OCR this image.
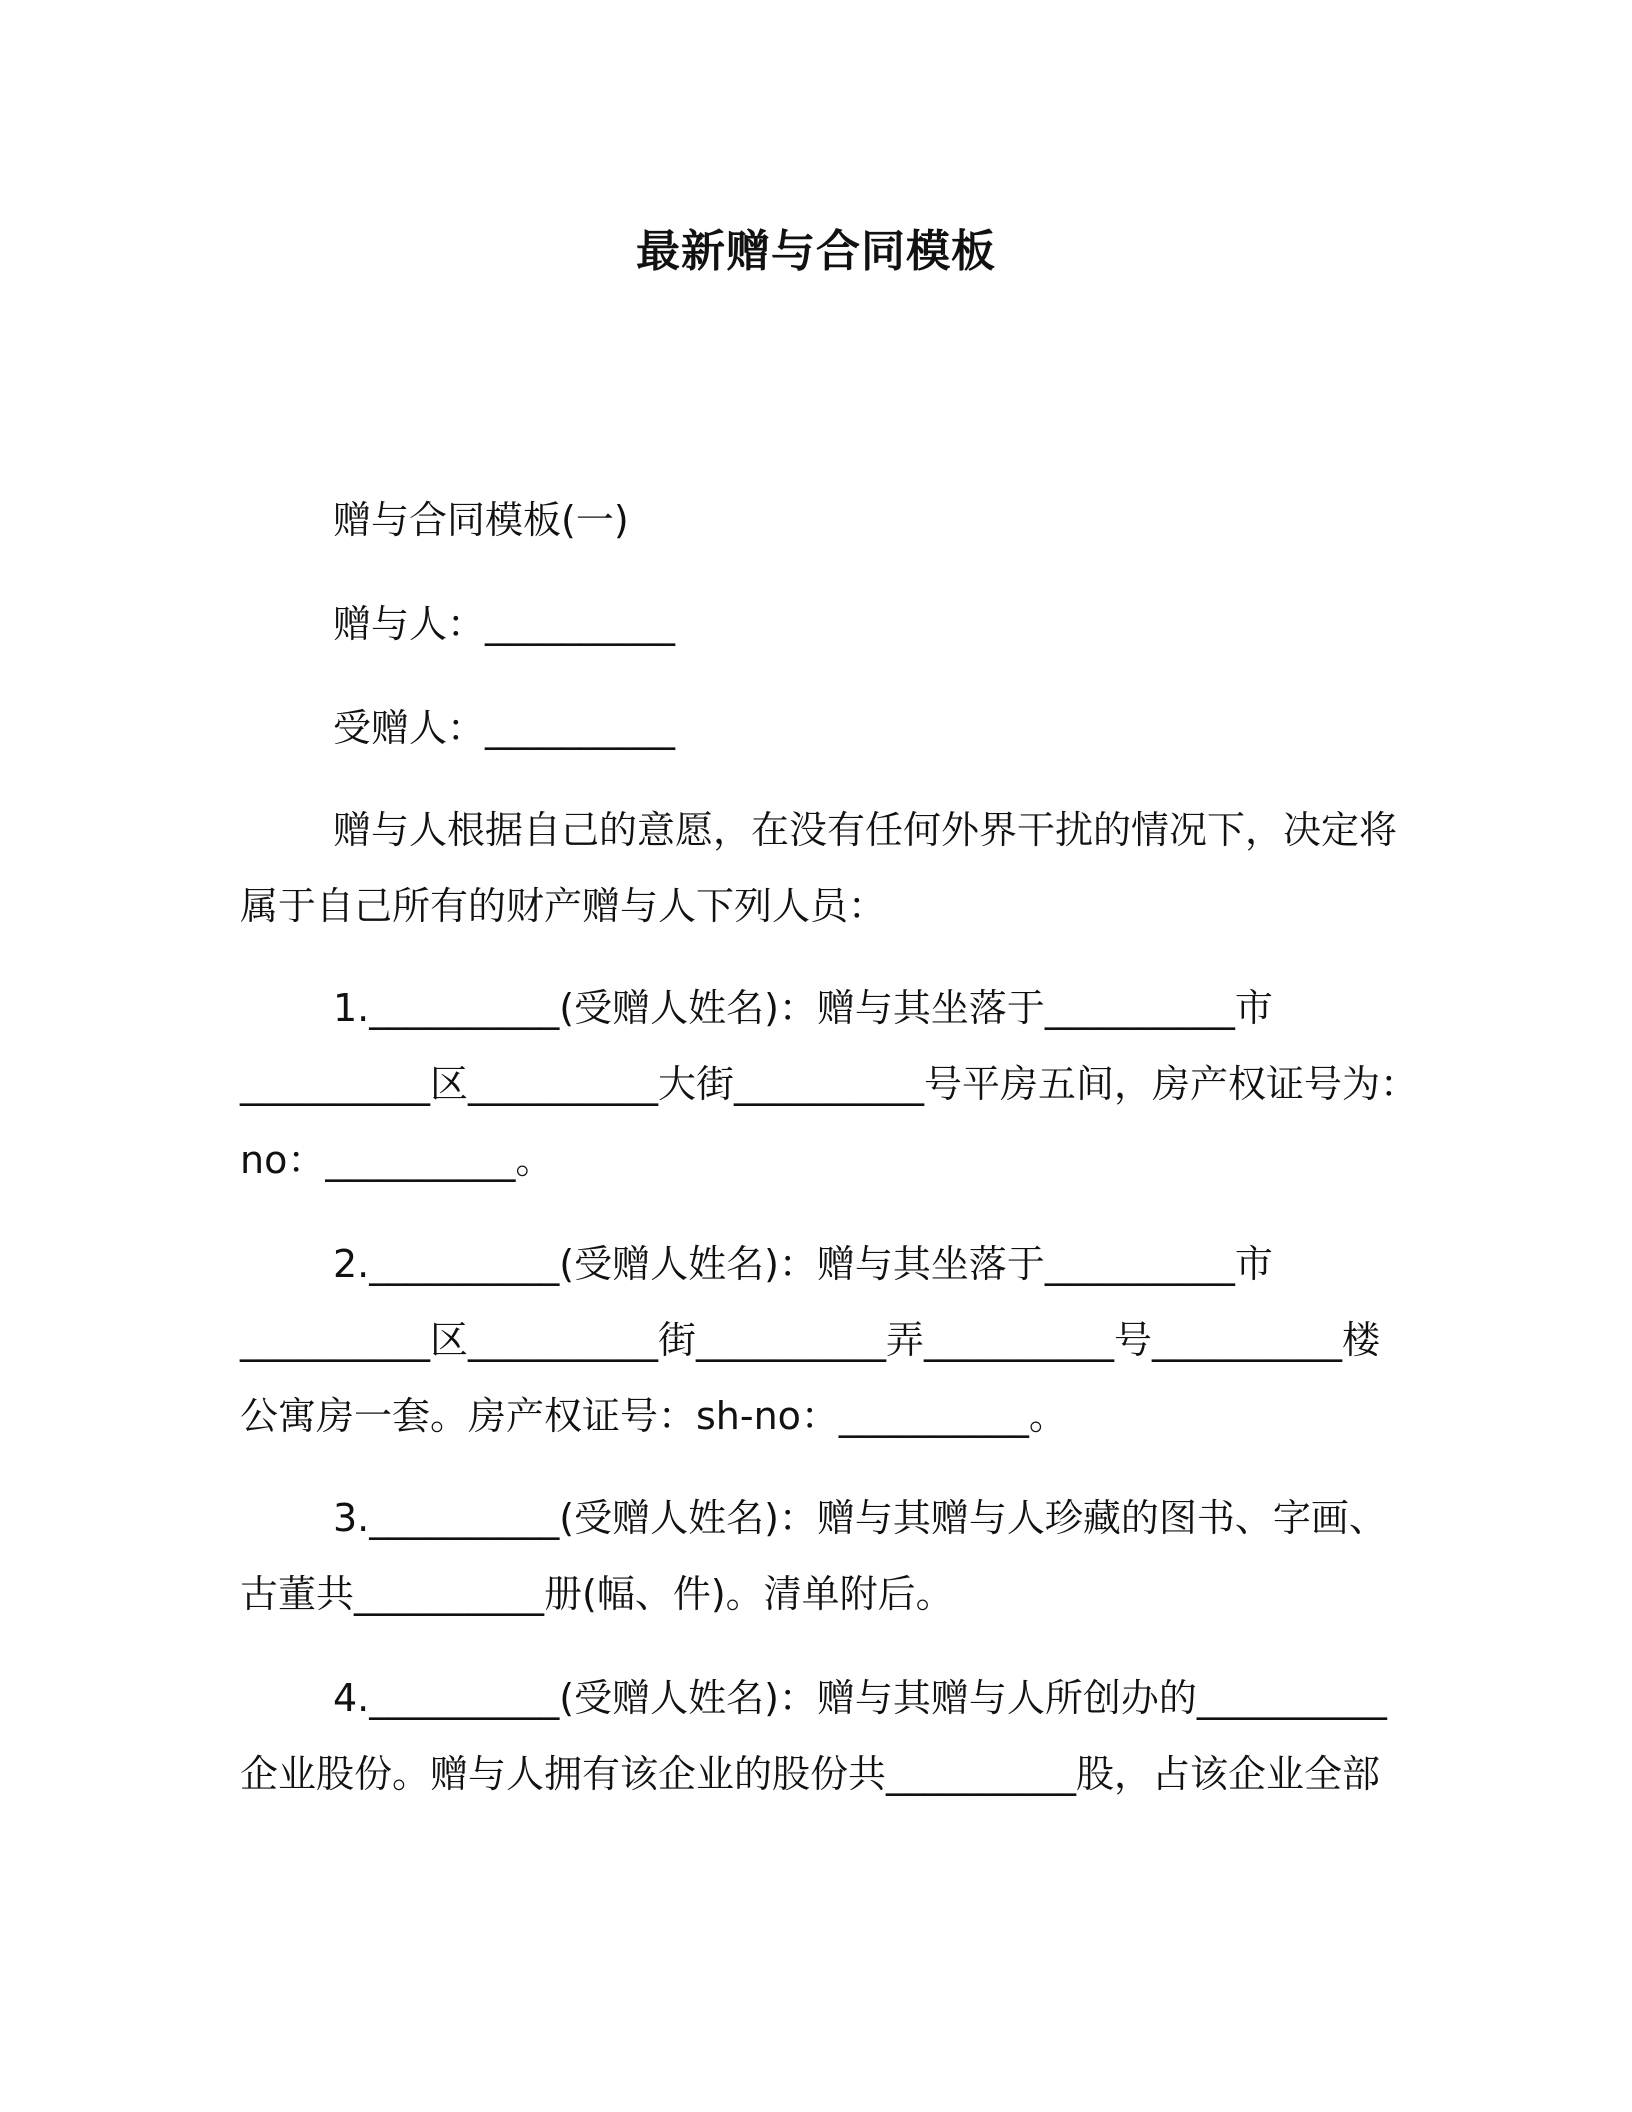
最新赠与合同模板
赠与合同模板(一)
赠与人：__________
受赠人：__________
赠与人根据自己的意愿，在没有任何外界干扰的情况下，决定将
属于自己所有的财产赠与人下列人员：
1.__________(受赠人姓名)：赠与其坐落于__________市
__________区__________大街__________号平房五间，房产权证号为：
no：__________。
2.__________(受赠人姓名)：赠与其坐落于__________市
__________区__________街__________弄__________号__________楼
公寓房一套。房产权证号：sh-no：__________。
3.__________(受赠人姓名)：赠与其赠与人珍藏的图书、字画、
古董共__________册(幅、件)。清单附后。
4.__________(受赠人姓名)：赠与其赠与人所创办的__________
企业股份。赠与人拥有该企业的股份共__________股，占该企业全部
